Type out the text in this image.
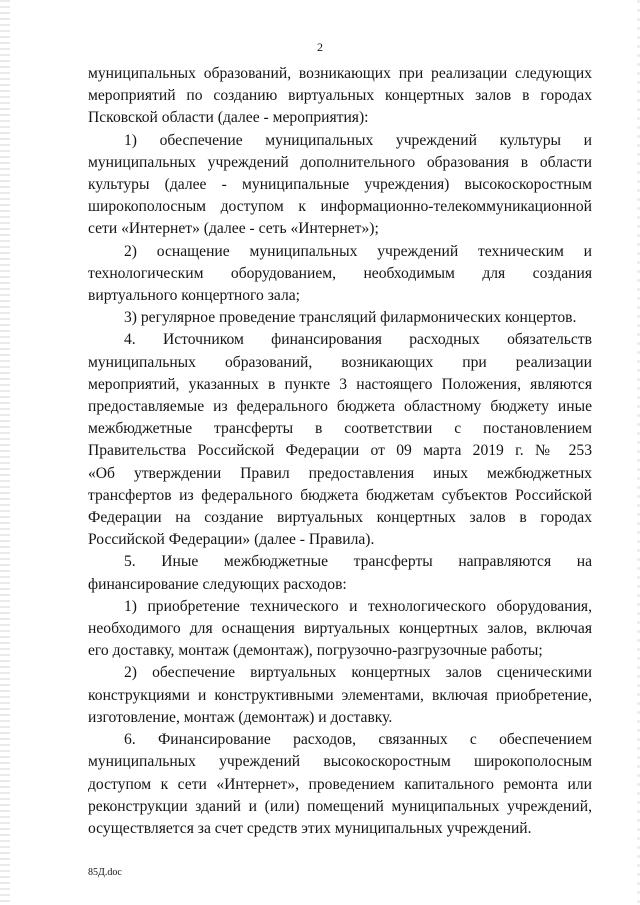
2

муниципальных образований, возникающих при реализации следующих

мероприятий по созданию виртуальных концертных залов в городах

Псковской области (далее - мероприятия):

1) обеспечение муниципальных учреждений культуры и

муниципальных учреждений дополнительного образования в области

культуры (далее - муниципальные учреждения) высокоскоростным

широкополосным доступом к информационно-телекоммуникационной

сети «Интернет» (далее - сеть «Интернет»);

2) оснащение муниципальных учреждений техническим и

технологическим оборудованием, необходимым для создания

виртуального концертного зала;

3) регулярное проведение трансляций филармонических концертов.

4. Источником финансирования расходных обязательств

муниципальных образований, возникающих при реализации

мероприятий, указанных в пункте 3 настоящего Положения, являются

предоставляемые из федерального бюджета областному бюджету иные

межбюджетные трансферты в соответствии с постановлением

Правительства Российской Федерации от 09 марта 2019 г. № 253

«Об утверждении Правил предоставления иных межбюджетных

трансфертов из федерального бюджета бюджетам субъектов Российской

Федерации на создание виртуальных концертных залов в городах

Российской Федерации» (далее - Правила).

5. Иные межбюджетные трансферты направляются на

финансирование следующих расходов:

1) приобретение технического и технологического оборудования,

необходимого для оснащения виртуальных концертных залов, включая

его доставку, монтаж (демонтаж), погрузочно-разгрузочные работы;

2) обеспечение виртуальных концертных залов сценическими

конструкциями и конструктивными элементами, включая приобретение,

изготовление, монтаж (демонтаж) и доставку.

6. Финансирование расходов, связанных с обеспечением

муниципальных учреждений высокоскоростным широкополосным

доступом к сети «Интернет», проведением капитального ремонта или

реконструкции зданий и (или) помещений муниципальных учреждений,

осуществляется за счет средств этих муниципальных учреждений.

85Д.doc
